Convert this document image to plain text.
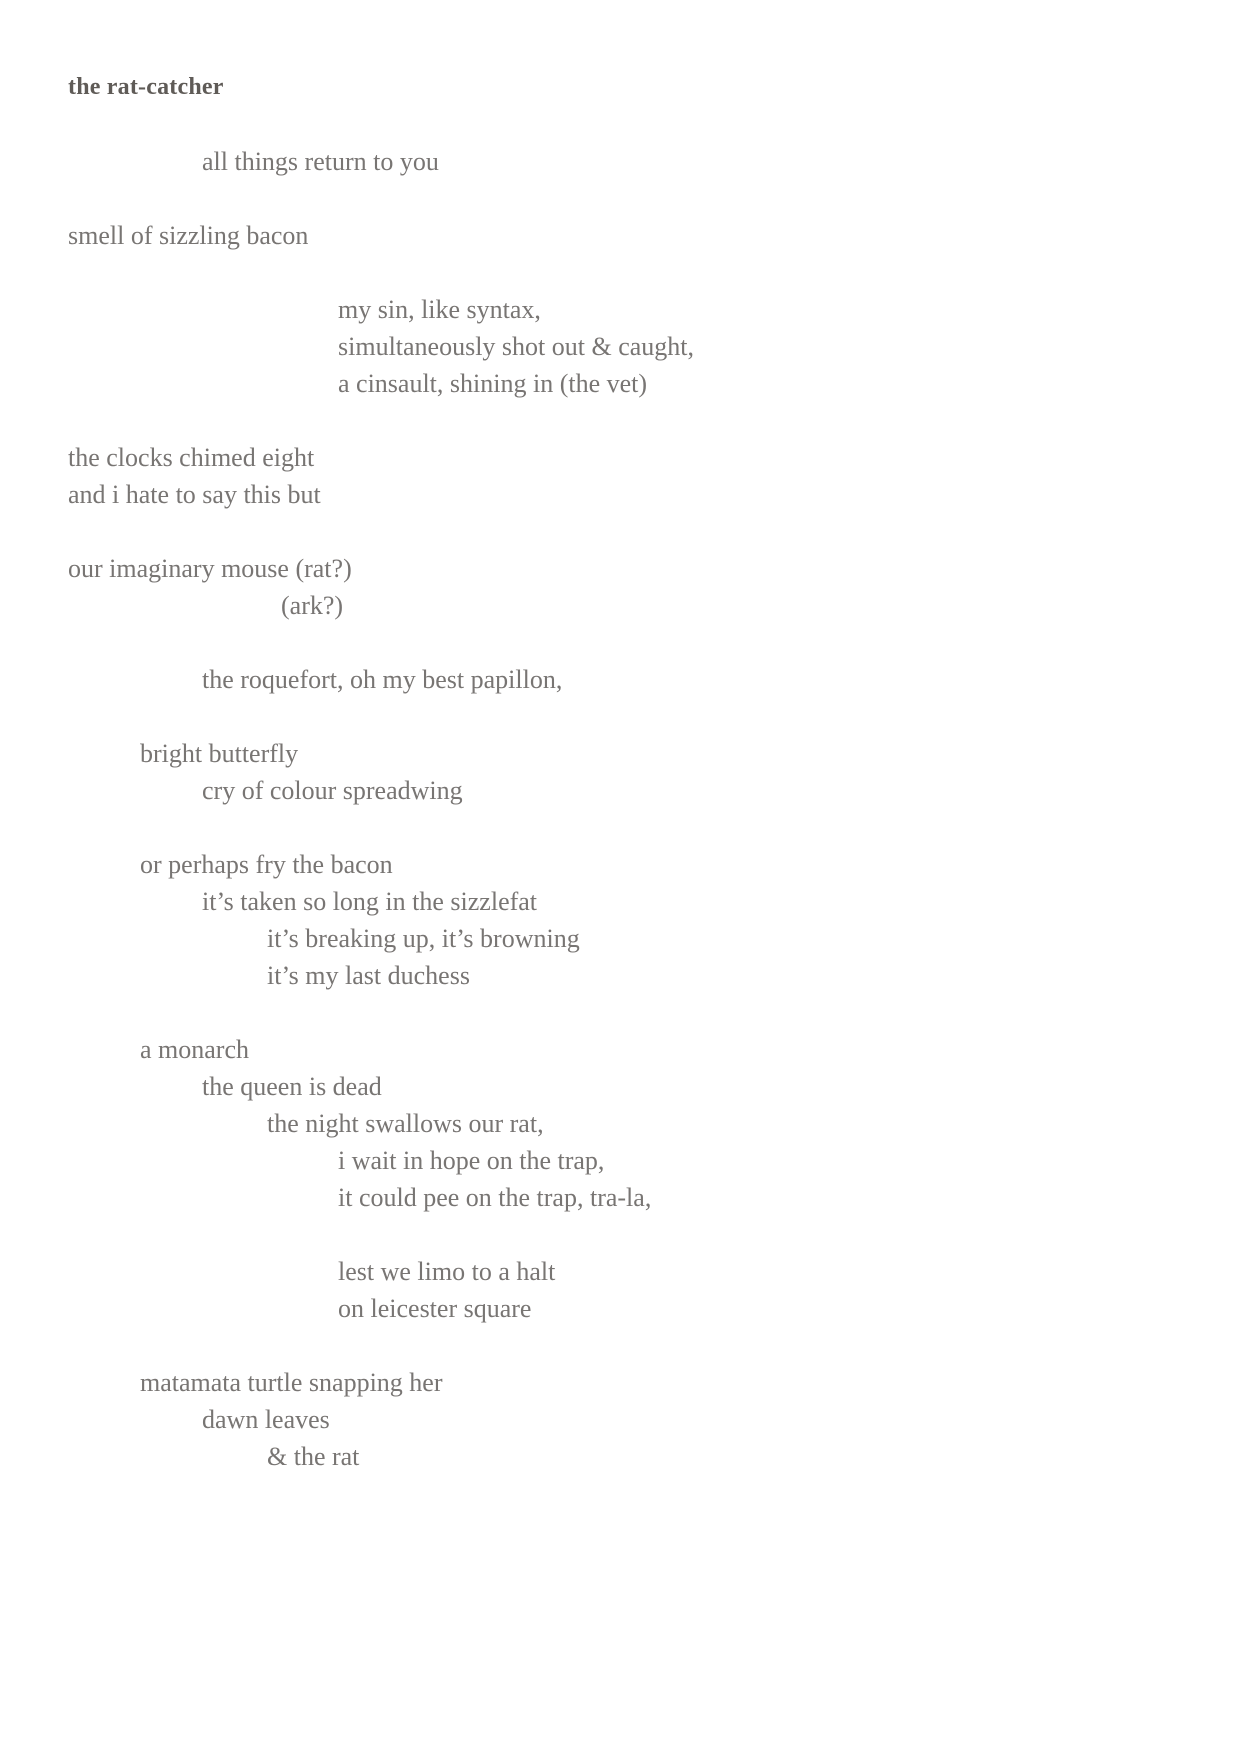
the rat-catcher
all things return to you
smell of sizzling bacon
my sin, like syntax,
simultaneously shot out & caught,
a cinsault, shining in (the vet)
the clocks chimed eight
and i hate to say this but
our imaginary mouse (rat?)
(ark?)
the roquefort, oh my best papillon,
bright butterfly
cry of colour spreadwing
or perhaps fry the bacon
it’s taken so long in the sizzlefat
it’s breaking up, it’s browning
it’s my last duchess
a monarch
the queen is dead
the night swallows our rat,
i wait in hope on the trap,
it could pee on the trap, tra-la,
lest we limo to a halt
on leicester square
matamata turtle snapping her
dawn leaves
& the rat
